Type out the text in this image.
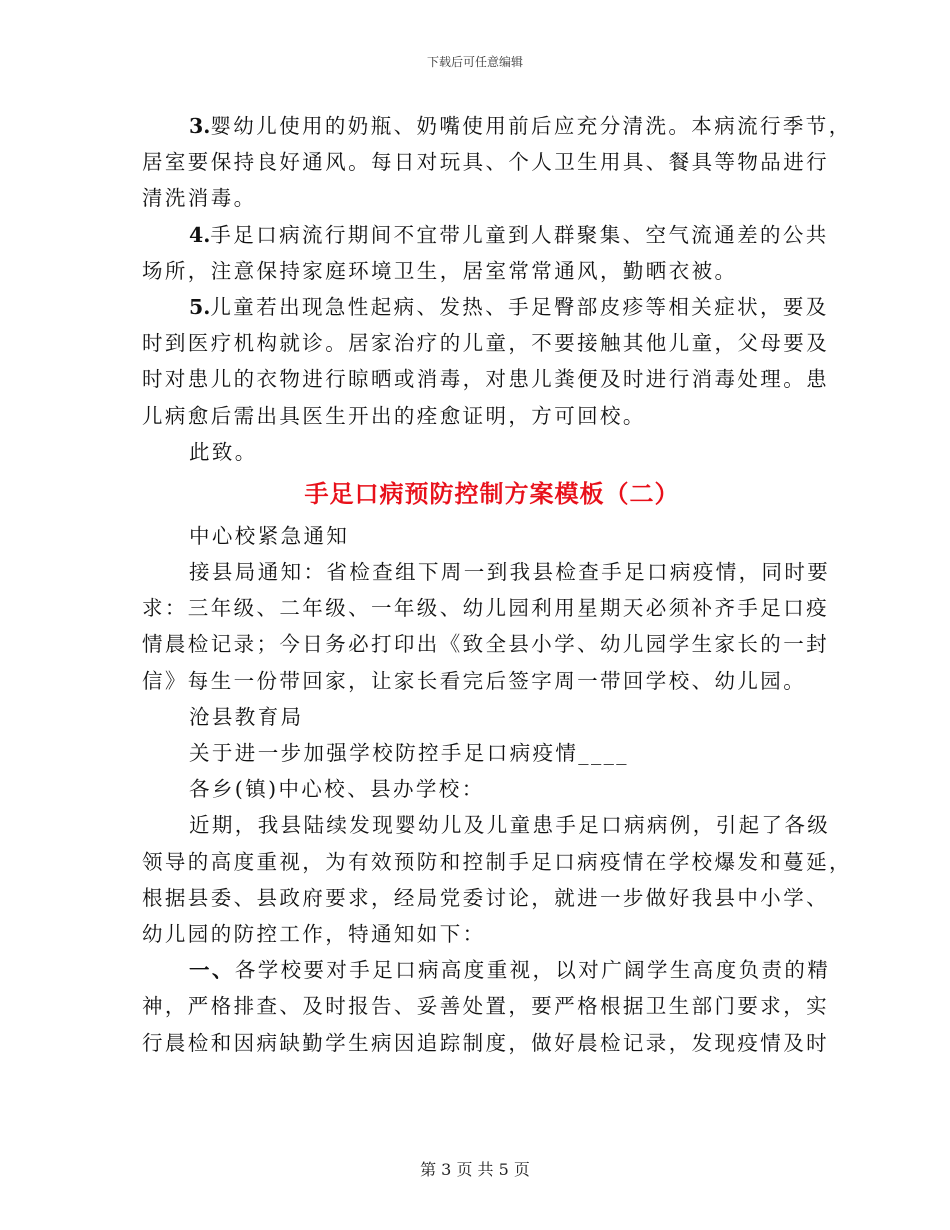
下载后可任意编辑
3.婴幼儿使用的奶瓶、奶嘴使用前后应充分清洗。本病流行季节，
居室要保持良好通风。每日对玩具、个人卫生用具、餐具等物品进行
清洗消毒。
4.手足口病流行期间不宜带儿童到人群聚集、空气流通差的公共
场所，注意保持家庭环境卫生，居室常常通风，勤晒衣被。
5.儿童若出现急性起病、发热、手足臀部皮疹等相关症状，要及
时到医疗机构就诊。居家治疗的儿童，不要接触其他儿童，父母要及
时对患儿的衣物进行晾晒或消毒，对患儿粪便及时进行消毒处理。患
儿病愈后需出具医生开出的痊愈证明，方可回校。
此致。
手足口病预防控制方案模板（二）
中心校紧急通知
接县局通知：省检查组下周一到我县检查手足口病疫情，同时要
求：三年级、二年级、一年级、幼儿园利用星期天必须补齐手足口疫
情晨检记录；今日务必打印出《致全县小学、幼儿园学生家长的一封
信》每生一份带回家，让家长看完后签字周一带回学校、幼儿园。
沧县教育局
关于进一步加强学校防控手足口病疫情____
各乡(镇)中心校、县办学校：
近期，我县陆续发现婴幼儿及儿童患手足口病病例，引起了各级
领导的高度重视，为有效预防和控制手足口病疫情在学校爆发和蔓延，
根据县委、县政府要求，经局党委讨论，就进一步做好我县中小学、
幼儿园的防控工作，特通知如下：
一、各学校要对手足口病高度重视，以对广阔学生高度负责的精
神，严格排查、及时报告、妥善处置，要严格根据卫生部门要求，实
行晨检和因病缺勤学生病因追踪制度，做好晨检记录，发现疫情及时
第 3 页 共 5 页
